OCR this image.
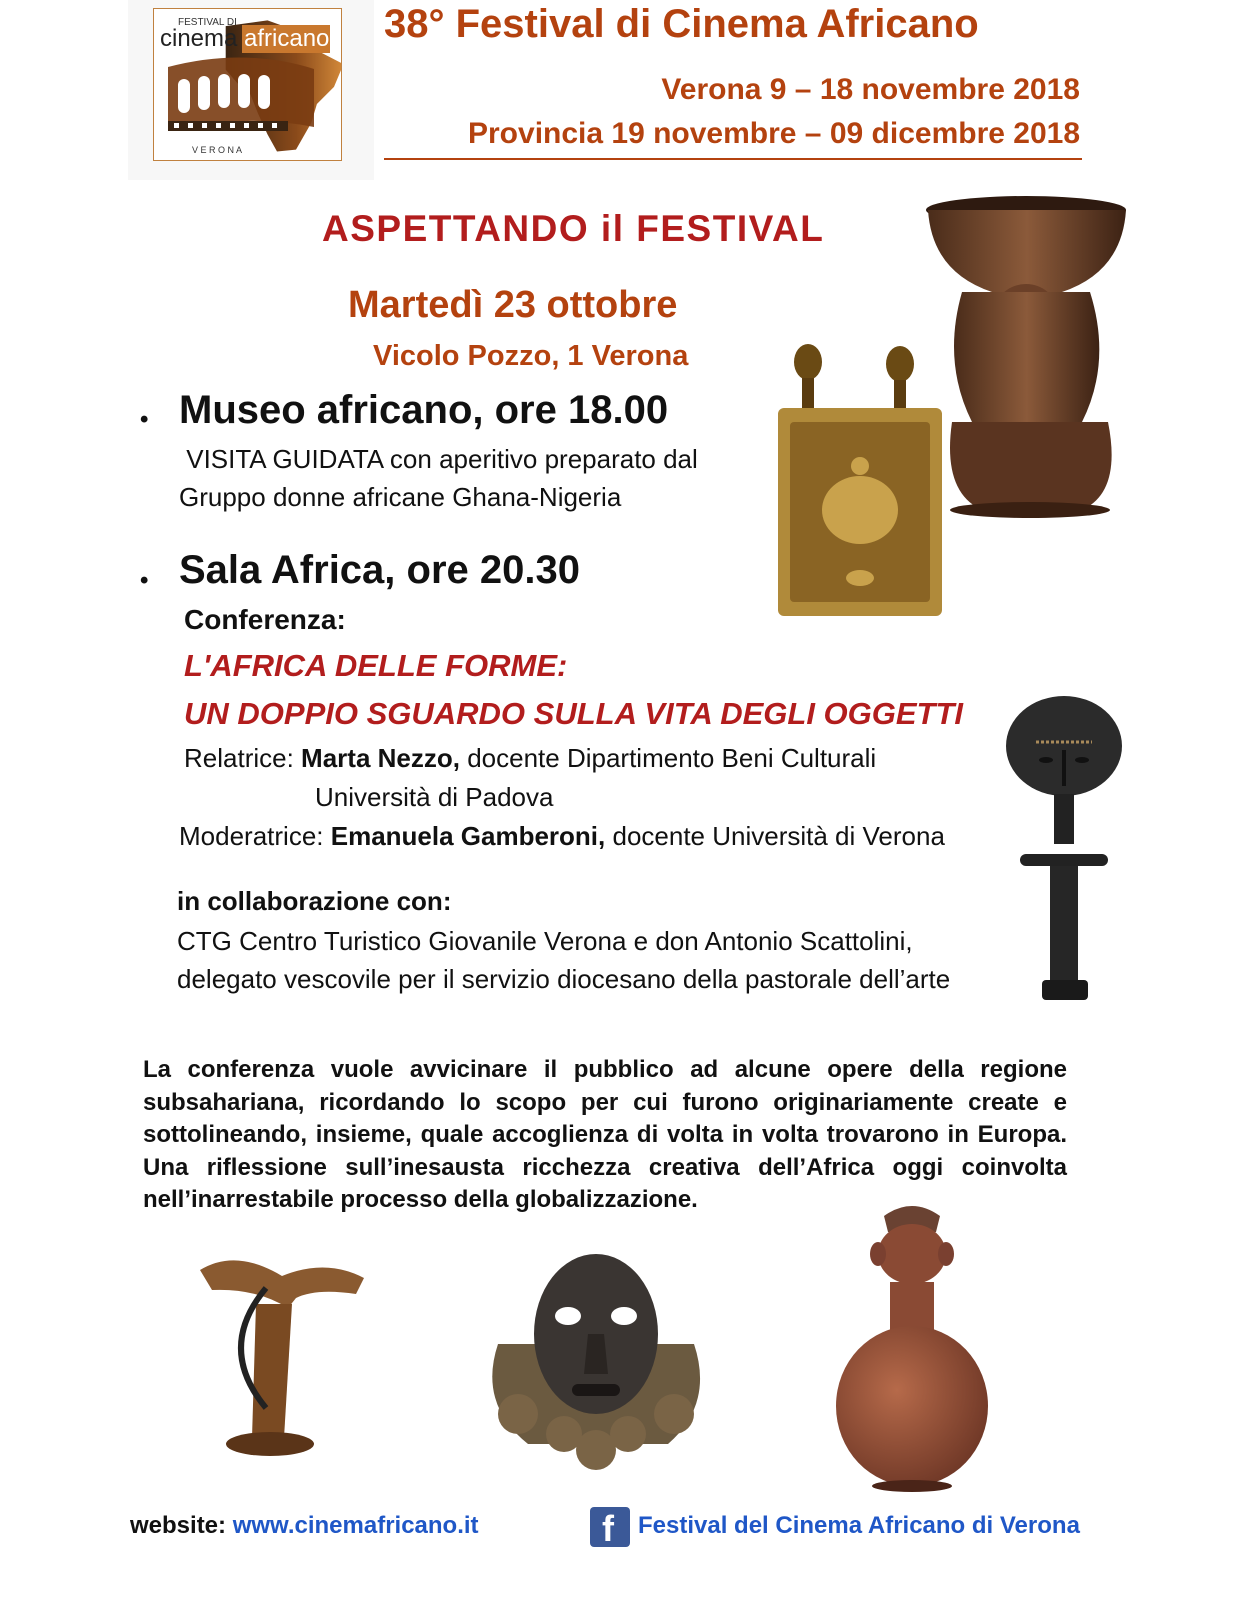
FESTIVAL DI
cinema africano
V E R O N A
38° Festival di Cinema Africano
Verona 9 – 18 novembre 2018
Provincia 19 novembre – 09 dicembre 2018
ASPETTANDO il FESTIVAL
Martedì 23 ottobre
Vicolo Pozzo, 1 Verona
• Museo africano, ore 18.00
VISITA GUIDATA con aperitivo preparato dal
Gruppo donne africane Ghana-Nigeria
• Sala Africa, ore 20.30
Conferenza:
L'AFRICA DELLE FORME:
UN DOPPIO SGUARDO SULLA VITA DEGLI OGGETTI
Relatrice: Marta Nezzo, docente Dipartimento Beni Culturali
Università di Padova
Moderatrice: Emanuela Gamberoni, docente Università di Verona
in collaborazione con:
CTG Centro Turistico Giovanile Verona e don Antonio Scattolini,
delegato vescovile per il servizio diocesano della pastorale dell’arte
La conferenza vuole avvicinare il pubblico ad alcune opere della regione subsahariana, ricordando lo scopo per cui furono originariamente create e sottolineando, insieme, quale accoglienza di volta in volta trovarono in Europa. Una riflessione sull’inesausta ricchezza creativa dell’Africa oggi coinvolta nell’inarrestabile processo della globalizzazione.
website: www.cinemafricano.it	f Festival del Cinema Africano di Verona
